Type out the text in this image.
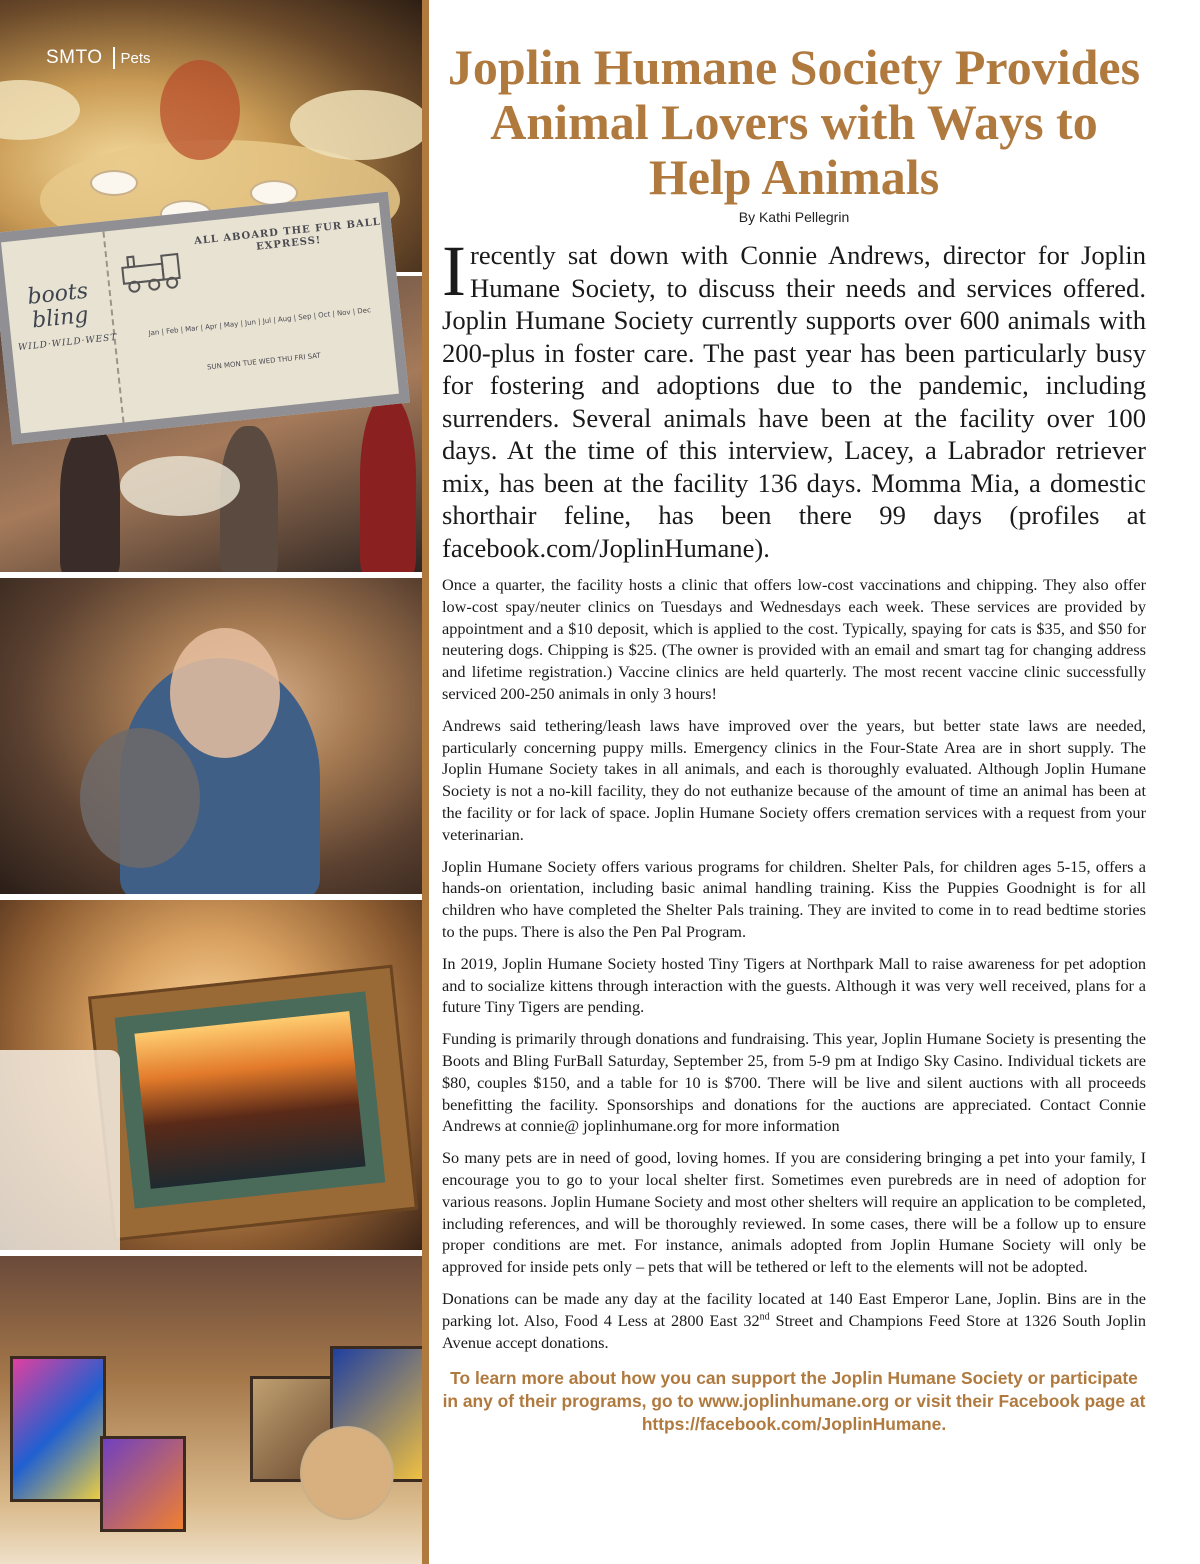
boots
bling
WILD·WILD·WEST
ALL ABOARD THE FUR BALL EXPRESS!
Jan | Feb | Mar | Apr | May | Jun | Jul | Aug | Sep | Oct | Nov | Dec
SUN MON TUE WED THU FRI SAT
SMTO Pets	Joplin Humane Society Provides Animal Lovers with Ways to Help Animals
By Kathi Pellegrin

Irecently sat down with Connie Andrews, director for Joplin Humane Society, to discuss their needs and services offered. Joplin Humane Society currently supports over 600 animals with 200-plus in foster care. The past year has been particularly busy for fostering and adoptions due to the pandemic, including surrenders. Several animals have been at the facility over 100 days. At the time of this interview, Lacey, a Labrador retriever mix, has been at the facility 136 days. Momma Mia, a domestic shorthair feline, has been there 99 days (profiles at facebook.com/JoplinHumane).

Once a quarter, the facility hosts a clinic that offers low-cost vaccinations and chipping. They also offer low-cost spay/neuter clinics on Tuesdays and Wednesdays each week. These services are provided by appointment and a $10 deposit, which is applied to the cost. Typically, spaying for cats is $35, and $50 for neutering dogs. Chipping is $25. (The owner is provided with an email and smart tag for changing address and lifetime registration.) Vaccine clinics are held quarterly. The most recent vaccine clinic successfully serviced 200-250 animals in only 3 hours!

Andrews said tethering/leash laws have improved over the years, but better state laws are needed, particularly concerning puppy mills. Emergency clinics in the Four-State Area are in short supply. The Joplin Humane Society takes in all animals, and each is thoroughly evaluated. Although Joplin Humane Society is not a no-kill facility, they do not euthanize because of the amount of time an animal has been at the facility or for lack of space. Joplin Humane Society offers cremation services with a request from your veterinarian.

Joplin Humane Society offers various programs for children. Shelter Pals, for children ages 5-15, offers a hands-on orientation, including basic animal handling training. Kiss the Puppies Goodnight is for all children who have completed the Shelter Pals training. They are invited to come in to read bedtime stories to the pups. There is also the Pen Pal Program.

In 2019, Joplin Humane Society hosted Tiny Tigers at Northpark Mall to raise awareness for pet adoption and to socialize kittens through interaction with the guests. Although it was very well received, plans for a future Tiny Tigers are pending.

Funding is primarily through donations and fundraising. This year, Joplin Humane Society is presenting the Boots and Bling FurBall Saturday, September 25, from 5-9 pm at Indigo Sky Casino. Individual tickets are $80, couples $150, and a table for 10 is $700. There will be live and silent auctions with all proceeds benefitting the facility. Sponsorships and donations for the auctions are appreciated. Contact Connie Andrews at connie@ joplinhumane.org for more information

So many pets are in need of good, loving homes. If you are considering bringing a pet into your family, I encourage you to go to your local shelter first. Sometimes even purebreds are in need of adoption for various reasons. Joplin Humane Society and most other shelters will require an application to be completed, including references, and will be thoroughly reviewed. In some cases, there will be a follow up to ensure proper conditions are met. For instance, animals adopted from Joplin Humane Society will only be approved for inside pets only – pets that will be tethered or left to the elements will not be adopted.

Donations can be made any day at the facility located at 140 East Emperor Lane, Joplin. Bins are in the parking lot. Also, Food 4 Less at 2800 East 32nd Street and Champions Feed Store at 1326 South Joplin Avenue accept donations.

To learn more about how you can support the Joplin Humane Society or participate in any of their programs, go to www.joplinhumane.org or visit their Facebook page at https://facebook.com/JoplinHumane.
